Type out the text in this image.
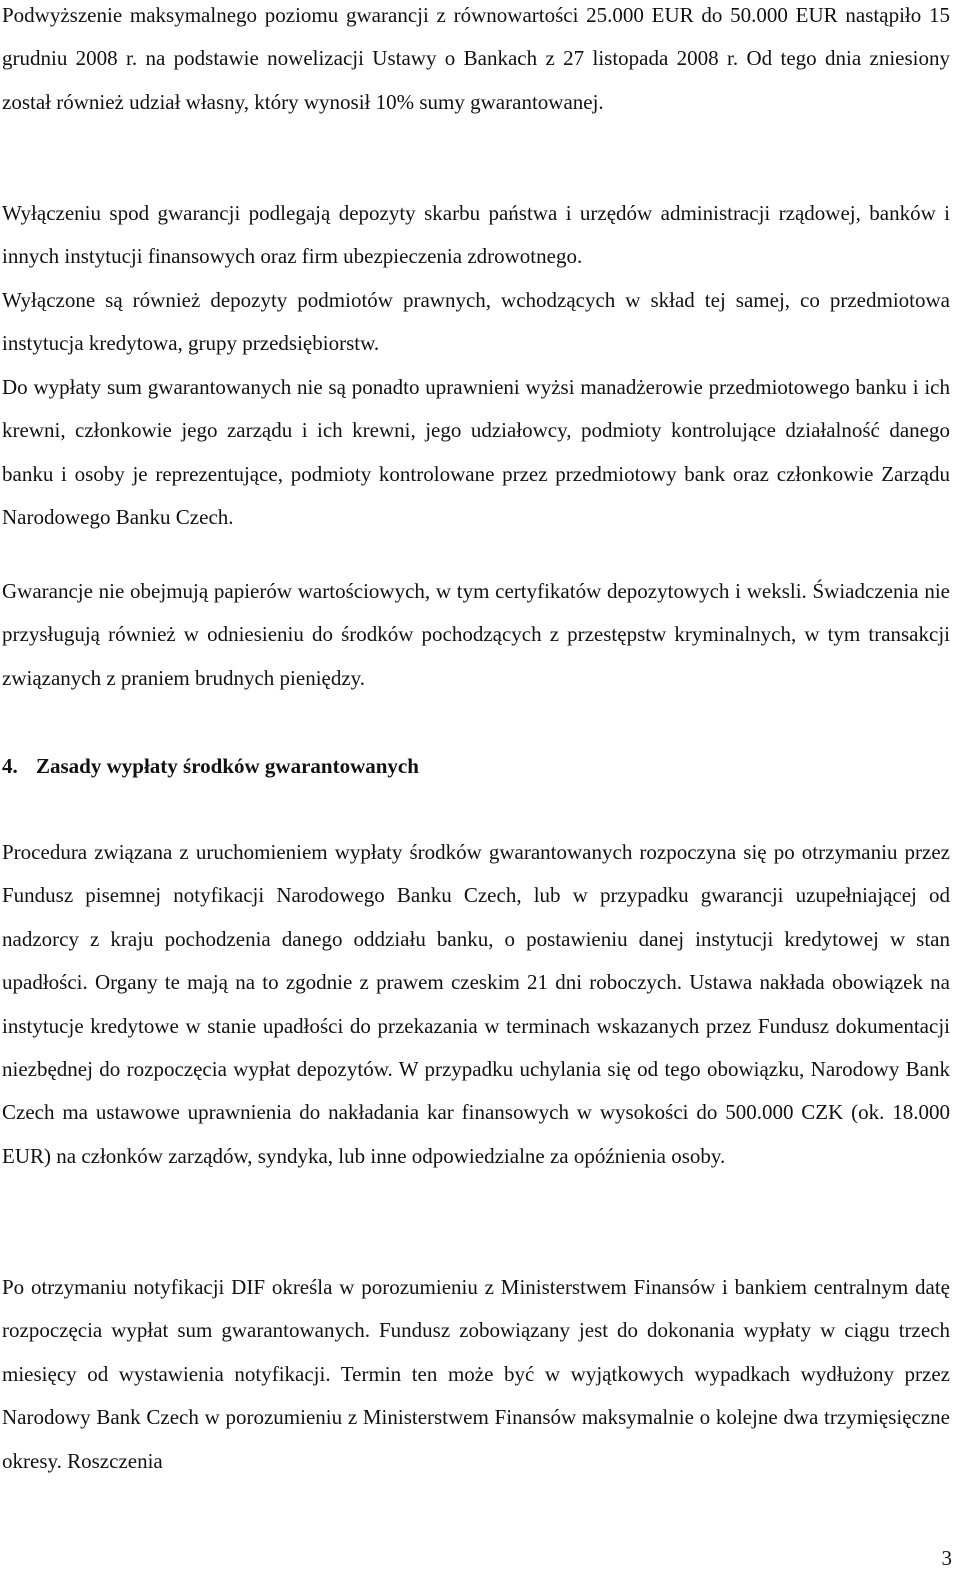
Podwyższenie maksymalnego poziomu gwarancji z równowartości 25.000 EUR do 50.000 EUR nastąpiło 15 grudniu 2008 r. na podstawie nowelizacji Ustawy o Bankach z 27 listopada 2008 r. Od tego dnia zniesiony został również udział własny, który wynosił 10% sumy gwarantowanej.

Wyłączeniu spod gwarancji podlegają depozyty skarbu państwa i urzędów administracji rządowej, banków i innych instytucji finansowych oraz firm ubezpieczenia zdrowotnego.

Wyłączone są również depozyty podmiotów prawnych, wchodzących w skład tej samej, co przedmiotowa instytucja kredytowa, grupy przedsiębiorstw.

Do wypłaty sum gwarantowanych nie są ponadto uprawnieni wyżsi manadżerowie przedmiotowego banku i ich krewni, członkowie jego zarządu i ich krewni, jego udziałowcy, podmioty kontrolujące działalność danego banku i osoby je reprezentujące, podmioty kontrolowane przez przedmiotowy bank oraz członkowie Zarządu Narodowego Banku Czech.

Gwarancje nie obejmują papierów wartościowych, w tym certyfikatów depozytowych i weksli. Świadczenia nie przysługują również w odniesieniu do środków pochodzących z przestępstw kryminalnych, w tym transakcji związanych z praniem brudnych pieniędzy.

4. Zasady wypłaty środków gwarantowanych

Procedura związana z uruchomieniem wypłaty środków gwarantowanych rozpoczyna się po otrzymaniu przez Fundusz pisemnej notyfikacji Narodowego Banku Czech, lub w przypadku gwarancji uzupełniającej od nadzorcy z kraju pochodzenia danego oddziału banku, o postawieniu danej instytucji kredytowej w stan upadłości. Organy te mają na to zgodnie z prawem czeskim 21 dni roboczych. Ustawa nakłada obowiązek na instytucje kredytowe w stanie upadłości do przekazania w terminach wskazanych przez Fundusz dokumentacji niezbędnej do rozpoczęcia wypłat depozytów. W przypadku uchylania się od tego obowiązku, Narodowy Bank Czech ma ustawowe uprawnienia do nakładania kar finansowych w wysokości do 500.000 CZK (ok. 18.000 EUR) na członków zarządów, syndyka, lub inne odpowiedzialne za opóźnienia osoby.

Po otrzymaniu notyfikacji DIF określa w porozumieniu z Ministerstwem Finansów i bankiem centralnym datę rozpoczęcia wypłat sum gwarantowanych. Fundusz zobowiązany jest do dokonania wypłaty w ciągu trzech miesięcy od wystawienia notyfikacji. Termin ten może być w wyjątkowych wypadkach wydłużony przez Narodowy Bank Czech w porozumieniu z Ministerstwem Finansów maksymalnie o kolejne dwa trzymięsięczne okresy. Roszczenia

3
